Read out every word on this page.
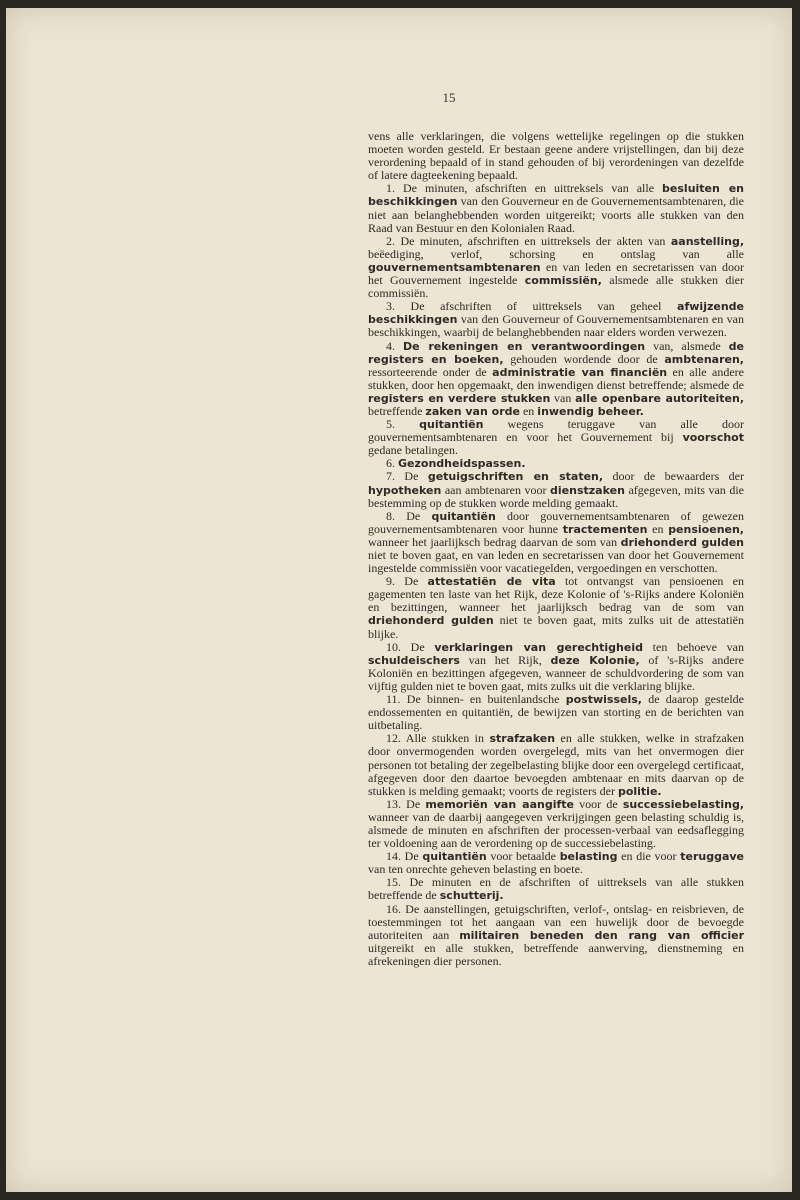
15

vens alle verklaringen, die volgens wettelijke regelingen op die stukken moeten worden gesteld. Er bestaan geene andere vrijstellingen, dan bij deze verordening bepaald of in stand gehouden of bij verordeningen van dezelfde of latere dagteekening bepaald.

1. De minuten, afschriften en uittreksels van alle besluiten en beschikkingen van den Gouverneur en de Gouvernementsambtenaren, die niet aan belanghebbenden worden uitgereikt; voorts alle stukken van den Raad van Bestuur en den Kolonialen Raad.

2. De minuten, afschriften en uittreksels der akten van aanstelling, beëediging, verlof, schorsing en ontslag van alle gouvernementsambtenaren en van leden en secretarissen van door het Gouvernement ingestelde commissiën, alsmede alle stukken dier commissiën.

3. De afschriften of uittreksels van geheel afwijzende beschikkingen van den Gouverneur of Gouvernementsambtenaren en van beschikkingen, waarbij de belanghebbenden naar elders worden verwezen.

4. De rekeningen en verantwoordingen van, alsmede de registers en boeken, gehouden wordende door de ambtenaren, ressorteerende onder de administratie van financiën en alle andere stukken, door hen opgemaakt, den inwendigen dienst betreffende; alsmede de registers en verdere stukken van alle openbare autoriteiten, betreffende zaken van orde en inwendig beheer.

5. quitantiën wegens teruggave van alle door gouvernementsambtenaren en voor het Gouvernement bij voorschot gedane betalingen.

6. Gezondheidspassen.

7. De getuigschriften en staten, door de bewaarders der hypotheken aan ambtenaren voor dienstzaken afgegeven, mits van die bestemming op de stukken worde melding gemaakt.

8. De quitantiën door gouvernementsambtenaren of gewezen gouvernementsambtenaren voor hunne tractementen en pensioenen, wanneer het jaarlijksch bedrag daarvan de som van driehonderd gulden niet te boven gaat, en van leden en secretarissen van door het Gouvernement ingestelde commissiën voor vacatiegelden, vergoedingen en verschotten.

9. De attestatiën de vita tot ontvangst van pensioenen en gagementen ten laste van het Rijk, deze Kolonie of 's-Rijks andere Koloniën en bezittingen, wanneer het jaarlijksch bedrag van de som van driehonderd gulden niet te boven gaat, mits zulks uit de attestatiën blijke.

10. De verklaringen van gerechtigheid ten behoeve van schuldeischers van het Rijk, deze Kolonie, of 's-Rijks andere Koloniën en bezittingen afgegeven, wanneer de schuldvordering de som van vijftig gulden niet te boven gaat, mits zulks uit die verklaring blijke.

11. De binnen- en buitenlandsche postwissels, de daarop gestelde endossementen en quitantiën, de bewijzen van storting en de berichten van uitbetaling.

12. Alle stukken in strafzaken en alle stukken, welke in strafzaken door onvermogenden worden overgelegd, mits van het onvermogen dier personen tot betaling der zegelbelasting blijke door een overgelegd certificaat, afgegeven door den daartoe bevoegden ambtenaar en mits daarvan op de stukken is melding gemaakt; voorts de registers der politie.

13. De memoriën van aangifte voor de successiebelasting, wanneer van de daarbij aangegeven verkrijgingen geen belasting schuldig is, alsmede de minuten en afschriften der processen-verbaal van eedsaflegging ter voldoening aan de verordening op de successiebelasting.

14. De quitantiën voor betaalde belasting en die voor teruggave van ten onrechte geheven belasting en boete.

15. De minuten en de afschriften of uittreksels van alle stukken betreffende de schutterij.

16. De aanstellingen, getuigschriften, verlof-, ontslag- en reisbrieven, de toestemmingen tot het aangaan van een huwelijk door de bevoegde autoriteiten aan militairen beneden den rang van officier uitgereikt en alle stukken, betreffende aanwerving, dienstneming en afrekeningen dier personen.
